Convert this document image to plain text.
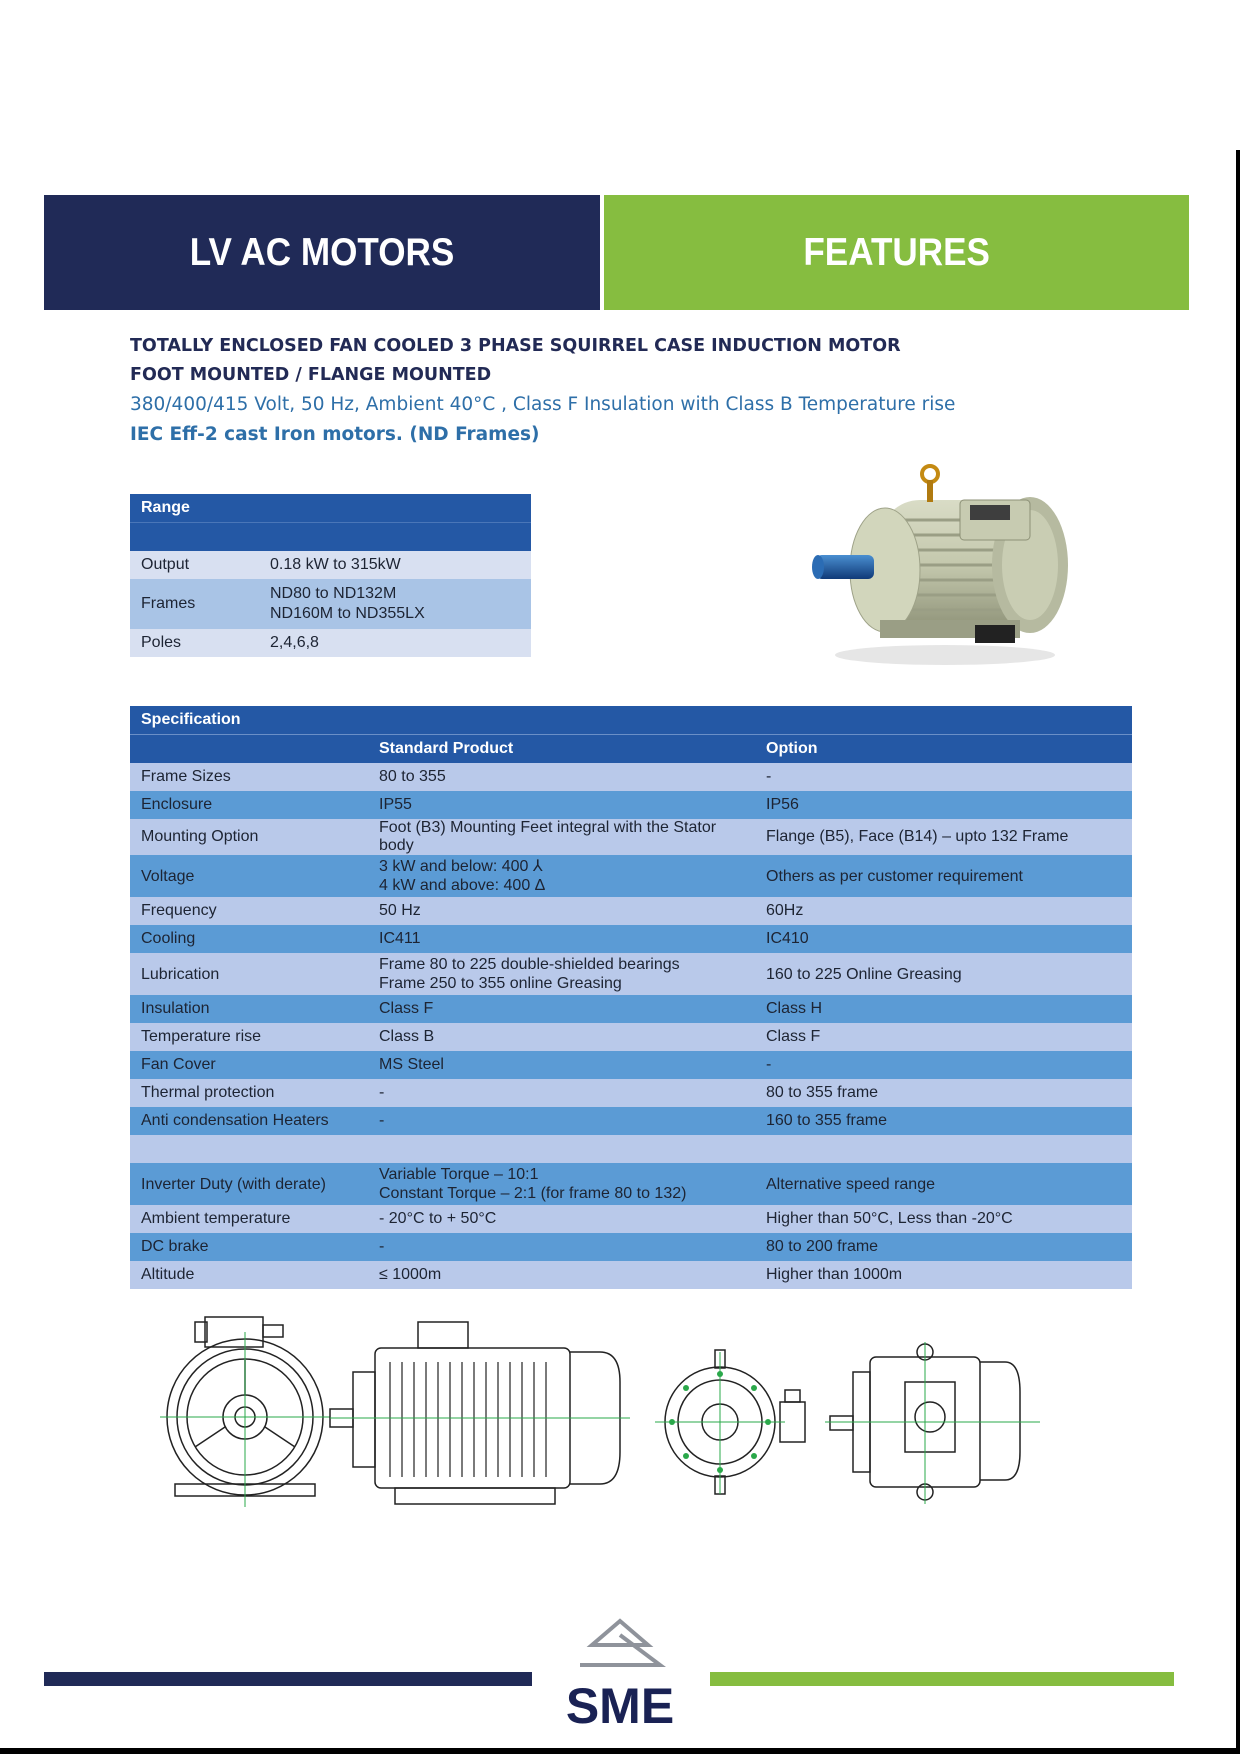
LV AC MOTORS	FEATURES
TOTALLY ENCLOSED FAN COOLED 3 PHASE SQUIRREL CASE INDUCTION MOTOR
FOOT MOUNTED / FLANGE MOUNTED
380/400/415 Volt, 50 Hz, Ambient 40°C , Class F Insulation with Class B Temperature rise
IEC Eff-2 cast Iron motors. (ND Frames)
Range	

Output	0.18 kW to 315kW
Frames	ND80 to ND132M
ND160M to ND355LX

Poles	2,4,6,8
Specification		
	Standard Product	Option
Frame Sizes	80 to 355	-
Enclosure	IP55	IP56
Mounting Option	Foot (B3) Mounting Feet integral with the Stator body	Flange (B5), Face (B14) – upto 132 Frame
Voltage	3 kW and below: 400 ⅄
4 kW and above: 400 Δ	Others as per customer requirement
Frequency	50 Hz	60Hz
Cooling	IC411	IC410
Lubrication	Frame 80 to 225 double-shielded bearings
Frame 250 to 355 online Greasing	160 to 225 Online Greasing
Insulation	Class F	Class H
Temperature rise	Class B	Class F
Fan Cover	MS Steel	-
Thermal protection	-	80 to 355 frame
Anti condensation Heaters	-	160 to 355 frame

Inverter Duty (with derate)	Variable Torque – 10:1
Constant Torque – 2:1 (for frame 80 to 132)	Alternative speed range
Ambient temperature	- 20°C to + 50°C	Higher than 50°C, Less than -20°C
DC brake	-	80 to 200 frame
Altitude	≤ 1000m	Higher than 1000m
SME
